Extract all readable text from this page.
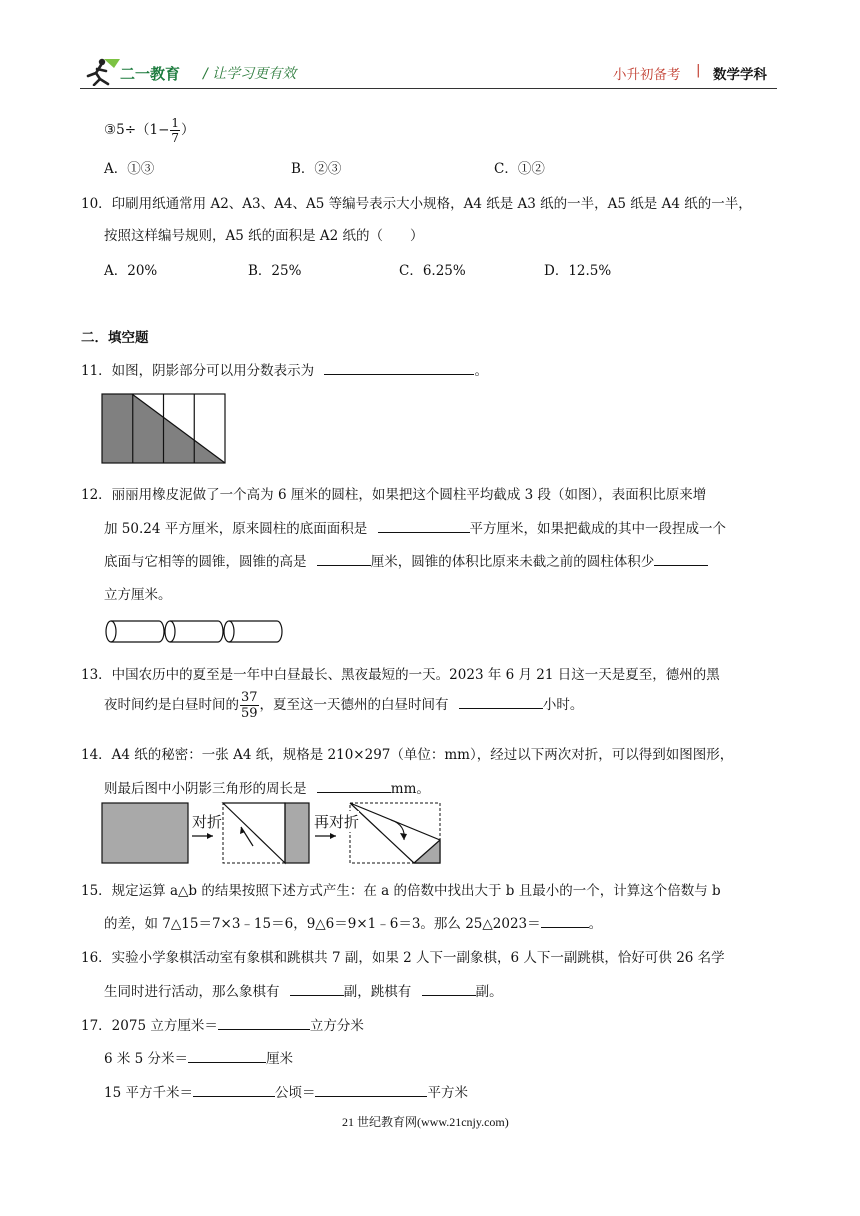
二一教育 / 让学习更有效	小升初备考 | 数学学科
③5÷（1− $\frac{1}{7}$ ）
A．①③	B．②③	C．①②
10．印刷用纸通常用 A2、A3、A4、A5 等编号表示大小规格，A4 纸是 A3 纸的一半，A5 纸是 A4 纸的一半，
按照这样编号规则，A5 纸的面积是 A2 纸的（　　）
A．20%	B．25%	C．6.25%	D．12.5%
二．填空题
11．如图，阴影部分可以用分数表示为	。
12．丽丽用橡皮泥做了一个高为 6 厘米的圆柱，如果把这个圆柱平均截成 3 段（如图），表面积比原来增
加 50.24 平方厘米，原来圆柱的底面面积是	平方厘米，如果把截成的其中一段捏成一个
底面与它相等的圆锥，圆锥的高是	厘米，圆锥的体积比原来未截之前的圆柱体积少
立方厘米。
13．中国农历中的夏至是一年中白昼最长、黑夜最短的一天。2023 年 6 月 21 日这一天是夏至，德州的黑
夜时间约是白昼时间的 $\frac{37}{59}$ ，夏至这一天德州的白昼时间有	小时。
14．A4 纸的秘密：一张 A4 纸，规格是 210×297（单位：mm），经过以下两次对折，可以得到如图图形，
则最后图中小阴影三角形的周长是	mm。
对折	再对折
15．规定运算 a△b 的结果按照下述方式产生：在 a 的倍数中找出大于 b 且最小的一个，计算这个倍数与 b
的差，如 7△15＝7×3﹣15＝6，9△6＝9×1﹣6＝3。那么 25△2023＝	。
16．实验小学象棋活动室有象棋和跳棋共 7 副，如果 2 人下一副象棋，6 人下一副跳棋，恰好可供 26 名学
生同时进行活动，那么象棋有	副，跳棋有	副。
17．2075 立方厘米＝	立方分米
6 米 5 分米＝	厘米
15 平方千米＝	公顷＝	平方米
21 世纪教育网(www.21cnjy.com)
